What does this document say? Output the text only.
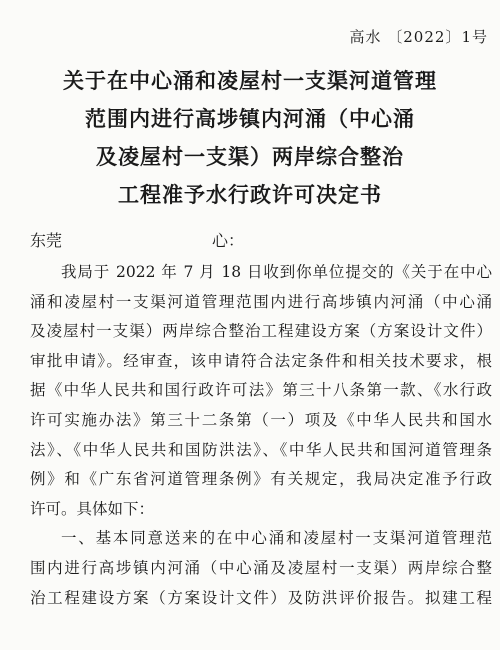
高水 〔2022〕1号
关于在中心涌和凌屋村一支渠河道管理
范围内进行高埗镇内河涌（中心涌
及凌屋村一支渠）两岸综合整治
工程准予水行政许可决定书
东莞	心：
我局于 2022 年 7 月 18 日收到你单位提交的《关于在中心
涌和凌屋村一支渠河道管理范围内进行高埗镇内河涌（中心涌
及凌屋村一支渠）两岸综合整治工程建设方案（方案设计文件）
审批申请》。经审查，该申请符合法定条件和相关技术要求，根
据《中华人民共和国行政许可法》第三十八条第一款、《水行政
许可实施办法》第三十二条第（一）项及《中华人民共和国水
法》、《中华人民共和国防洪法》、《中华人民共和国河道管理条
例》和《广东省河道管理条例》有关规定，我局决定准予行政
许可。具体如下：
一、基本同意送来的在中心涌和凌屋村一支渠河道管理范
围内进行高埗镇内河涌（中心涌及凌屋村一支渠）两岸综合整
治工程建设方案（方案设计文件）及防洪评价报告。拟建工程
